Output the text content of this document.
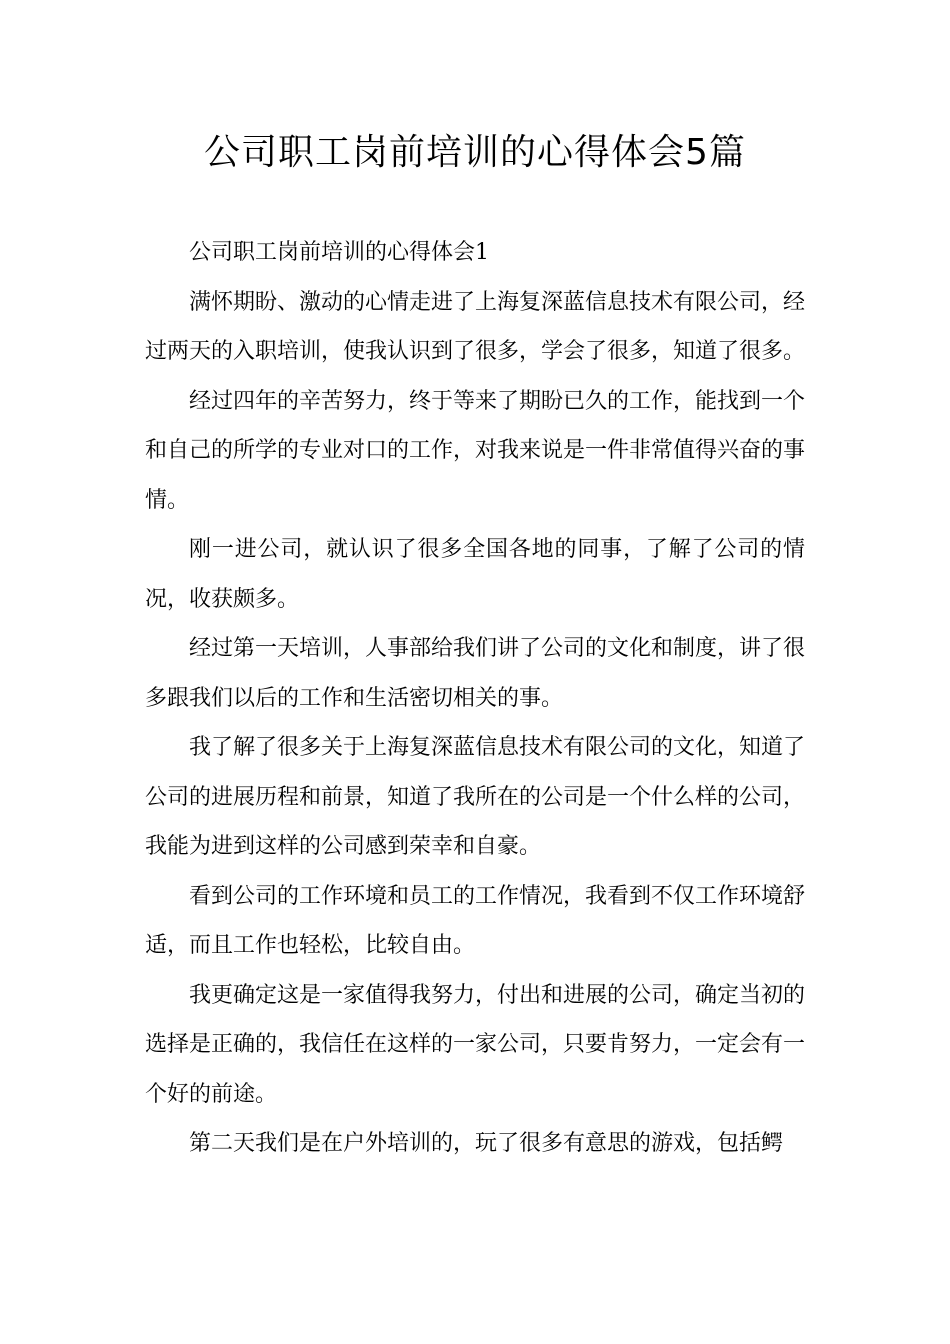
公司职工岗前培训的心得体会5篇

公司职工岗前培训的心得体会1

满怀期盼、激动的心情走进了上海复深蓝信息技术有限公司，经过两天的入职培训，使我认识到了很多，学会了很多，知道了很多。

经过四年的辛苦努力，终于等来了期盼已久的工作，能找到一个和自己的所学的专业对口的工作，对我来说是一件非常值得兴奋的事情。

刚一进公司，就认识了很多全国各地的同事，了解了公司的情况，收获颇多。

经过第一天培训，人事部给我们讲了公司的文化和制度，讲了很多跟我们以后的工作和生活密切相关的事。

我了解了很多关于上海复深蓝信息技术有限公司的文化，知道了公司的进展历程和前景，知道了我所在的公司是一个什么样的公司，我能为进到这样的公司感到荣幸和自豪。

看到公司的工作环境和员工的工作情况，我看到不仅工作环境舒适，而且工作也轻松，比较自由。

我更确定这是一家值得我努力，付出和进展的公司，确定当初的选择是正确的，我信任在这样的一家公司，只要肯努力，一定会有一个好的前途。

第二天我们是在户外培训的，玩了很多有意思的游戏，包括鳄
